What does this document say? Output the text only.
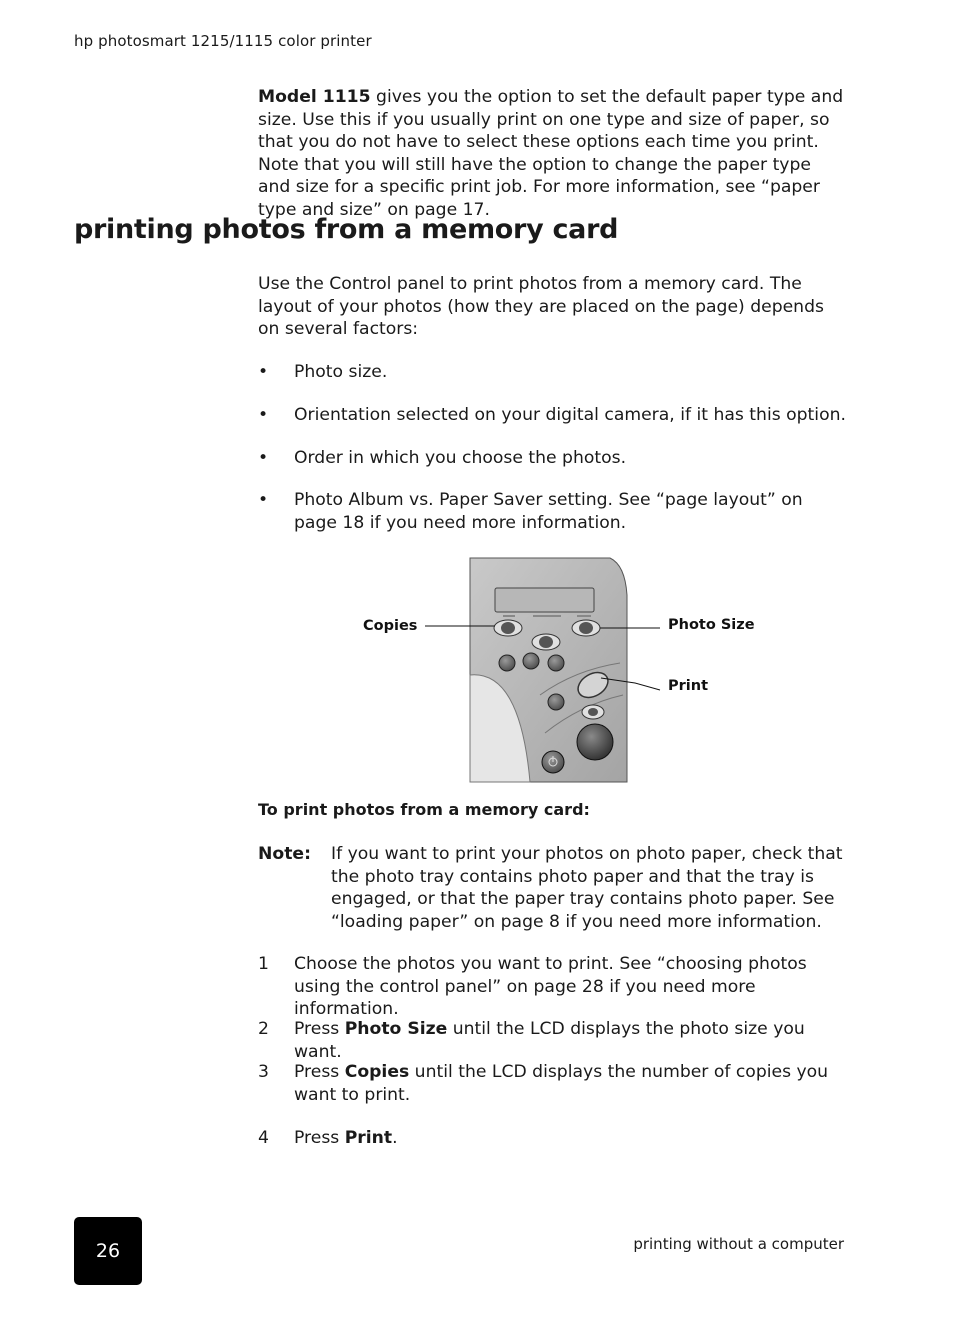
hp photosmart 1215/1115 color printer
Model 1115 gives you the option to set the default paper type and size. Use this if you usually print on one type and size of paper, so that you do not have to select these options each time you print. Note that you will still have the option to change the paper type and size for a specific print job. For more information, see “paper type and size” on page 17.
printing photos from a memory card
Use the Control panel to print photos from a memory card. The layout of your photos (how they are placed on the page) depends on several factors:
• Photo size.
• Orientation selected on your digital camera, if it has this option.
• Order in which you choose the photos.
• Photo Album vs. Paper Saver setting. See “page layout” on page 18 if you need more information.
Copies	Photo Size
Print
To print photos from a memory card:
Note: If you want to print your photos on photo paper, check that the photo tray contains photo paper and that the tray is engaged, or that the paper tray contains photo paper. See “loading paper” on page 8 if you need more information.
1 Choose the photos you want to print. See “choosing photos using the control panel” on page 28 if you need more information.
2 Press Photo Size until the LCD displays the photo size you want.
3 Press Copies until the LCD displays the number of copies you want to print.
4 Press Print.
26	printing without a computer
